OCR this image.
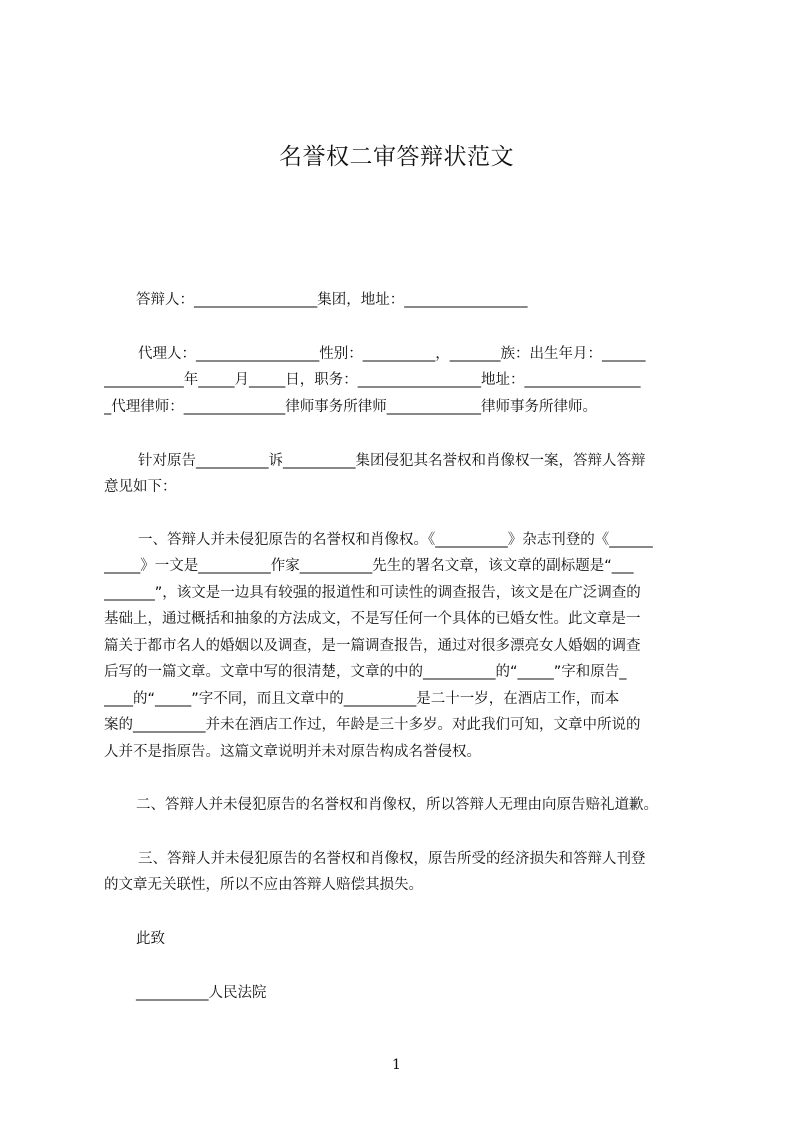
名誉权二审答辩状范文
答辩人：_________________集团，地址：_________________
代理人：_________________性别：__________，_______族：出生年月：______
___________年_____月_____日，职务：_________________地址：________________
_代理律师：______________律师事务所律师_____________律师事务所律师。
针对原告__________诉__________集团侵犯其名誉权和肖像权一案，答辩人答辩
意见如下：
一、答辩人并未侵犯原告的名誉权和肖像权。《__________》杂志刊登的《______
_____》一文是__________作家__________先生的署名文章，该文章的副标题是“___
_______”，该文是一边具有较强的报道性和可读性的调查报告，该文是在广泛调查的
基础上，通过概括和抽象的方法成文，不是写任何一个具体的已婚女性。此文章是一
篇关于都市名人的婚姻以及调查，是一篇调查报告，通过对很多漂亮女人婚姻的调查
后写的一篇文章。文章中写的很清楚，文章的中的__________的“_____”字和原告_
____的“_____”字不同，而且文章中的__________是二十一岁，在酒店工作，而本
案的__________并未在酒店工作过，年龄是三十多岁。对此我们可知，文章中所说的
人并不是指原告。这篇文章说明并未对原告构成名誉侵权。
二、答辩人并未侵犯原告的名誉权和肖像权，所以答辩人无理由向原告赔礼道歉。
三、答辩人并未侵犯原告的名誉权和肖像权，原告所受的经济损失和答辩人刊登
的文章无关联性，所以不应由答辩人赔偿其损失。
此致
__________人民法院
1
